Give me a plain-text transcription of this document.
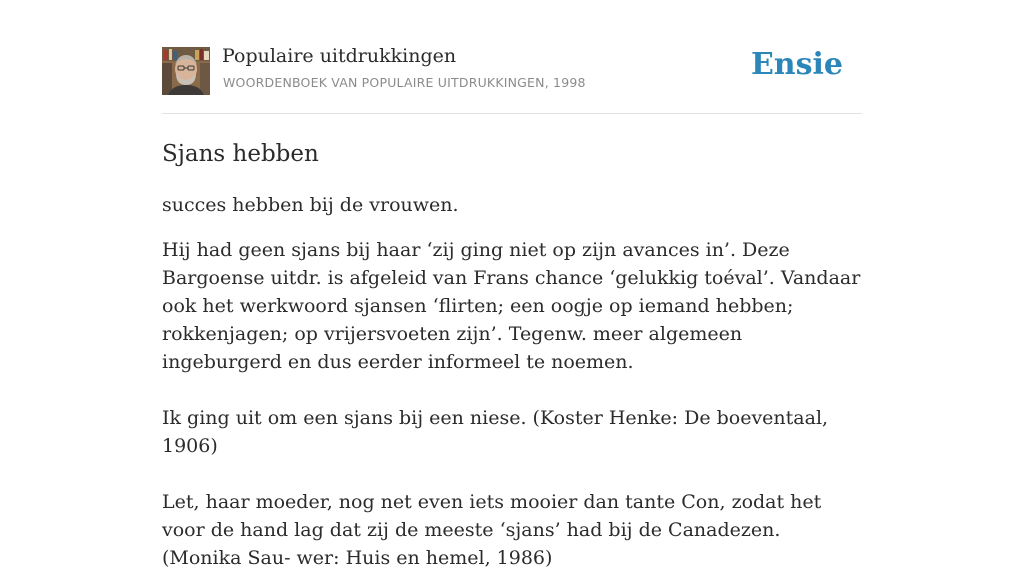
Populaire uitdrukkingen
WOORDENBOEK VAN POPULAIRE UITDRUKKINGEN, 1998
Ensie
Sjans hebben

succes hebben bij de vrouwen.

Hij had geen sjans bij haar ‘zij ging niet op zijn avances in’. Deze Bargoense uitdr. is afgeleid van Frans chance ‘gelukkig toéval’. Vandaar ook het werkwoord sjansen ‘flirten; een oogje op iemand hebben; rokkenjagen; op vrijersvoeten zijn’. Tegenw. meer algemeen ingeburgerd en dus eerder informeel te noemen.

Ik ging uit om een sjans bij een niese. (Koster Henke: De boeventaal, 1906)

Let, haar moeder, nog net even iets mooier dan tante Con, zodat het voor de hand lag dat zij de meeste ‘sjans’ had bij de Canadezen. (Monika Sau- wer: Huis en hemel, 1986)
